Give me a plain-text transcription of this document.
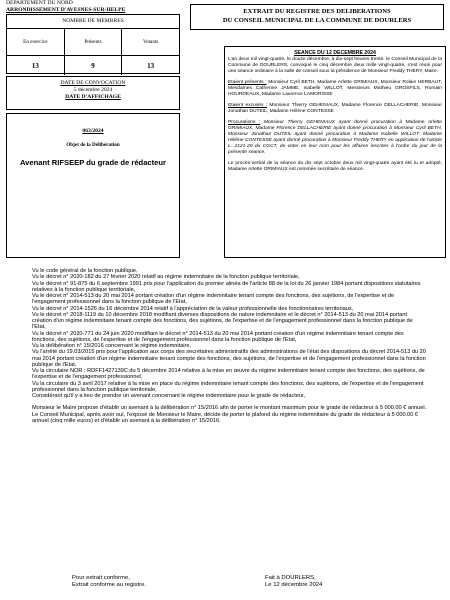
DEPARTEMENT DU NORD
ARRONDISSEMENT D'AVESNES-SUR-HELPE
NOMBRE DE MEMBRES
En exercice
13
Présents
9
Votants
13
DATE DE CONVOCATION
5 décembre 2024
DATE D'AFFICHAGE
063/2024
Objet de la Délibération
Avenant RIFSEEP du grade de rédacteur
EXTRAIT DU REGISTRE DES DELIBERATIONS
DU CONSEIL MUNICIPAL DE LA COMMUNE DE DOURLERS
SEANCE DU 12 DECEMBRE 2024

L'an deux mil vingt-quatre, le douze décembre, à dix-sept heures trente, le Conseil Municipal de la Commune de DOURLERS, convoqué le cinq décembre deux mille vingt-quatre, s'est réuni pour une séance ordinaire à la salle de conseil sous la présidence de Monsieur Freddy THERY, Maire.

Etaient présents : Monsieur Cyril BETH, Madame Arlette GRIMIAUX, Monsieur Rolain HERBAUT, Mesdames Catherine JAMME, Isabelle WILLOT, Messieurs Mathieu GROSFILS, Romain HOURDEAUX, Madame Laurence LAMORISSE

Etaient excusés : Monsieur Thierry GEHENIAUX, Madame Florence DELLACHERIE, Monsieur Jonathan DUTEIL, Madame Hélène CONTESSE

Procurations : Monsieur Thierry GEHENIAUX ayant donné procuration à Madame Arlette GRIMIAUX, Madame Florence DELLACHERIE ayant donné procuration à Monsieur Cyril BETH, Monsieur Jonathan DUTEIL ayant donné procuration à Madame Isabelle WILLOT, Madame Hélène CONTESSE ayant donné procuration à Monsieur Freddy THERY en application de l'article L. 2121-20 du CGCT, de voter en leur nom pour les affaires inscrites à l'ordre du jour de la présente séance.

Le procès-verbal de la séance du dix sept octobre deux mil vingt-quatre ayant été lu et adopté, Madame Arlette GRIMIAUX est nommée secrétaire de séance.

Vu le code général de la fonction publique,

Vu le décret n° 2020-182 du 27 février 2020 relatif au régime indemnitaire de la fonction publique territoriale,

Vu le décret n° 91-875 du 6 septembre 1991 pris pour l'application du premier alinéa de l'article 88 de la loi du 26 janvier 1984 portant dispositions statutaires relatives à la fonction publique territoriale,

Vu le décret n° 2014-513 du 20 mai 2014 portant création d'un régime indemnitaire tenant compte des fonctions, des sujétions, de l'expertise et de l'engagement professionnel dans la fonction publique de l'Etat,

Vu le décret n° 2014-1526 du 16 décembre 2014 relatif à l'appréciation de la valeur professionnelle des fonctionnaires territoriaux,

Vu le décret n° 2018-1119 du 10 décembre 2018 modifiant diverses dispositions de nature indemnitaire et le décret n° 2014-513 du 20 mai 2014 portant création d'un régime indemnitaire tenant compte des fonctions, des sujétions, de l'expertise et de l'engagement professionnel dans la fonction publique de l'Etat,

Vu le décret n° 2020-771 du 24 juin 2020 modifiant le décret n° 2014-513 du 20 mai 2014 portant création d'un régime indemnitaire tenant compte des fonctions, des sujétions, de l'expertise et de l'engagement professionnel dans la fonction publique de l'Etat,

Vu la délibération n° 15/2016 concernant le régime indemnitaire,

Vu l'arrêté du 19.03/2015 pris pour l'application aux corps des secrétaires administratifs des administrations de l'état des dispositions du décret 2014-513 du 20 mai 2014 portant création d'un régime indemnitaire tenant compte des fonctions, des sujétions, de l'expertise et de l'engagement professionnel dans la fonction publique de l'Etat,

Vu la circulaire NOR : RDFF1427139C du 5 décembre 2014 relative à la mise en œuvre du régime indemnitaire tenant compte des fonctions, des sujétions, de l'expertise et de l'engagement professionnel,

Vu la circulaire du 3 avril 2017 relative à la mise en place du régime indemnitaire tenant compte des fonctions, des sujétions, de l'expertise et de l'engagement professionnel dans la fonction publique territoriale,

Considérant qu'il y a lieu de prendre un avenant concernant le régime indemnitaire pour le grade de rédacteur,

Monsieur le Maire propose d'établir un avenant à la délibération n° 15/2016 afin de porter le montant maximum pour le grade de rédacteur à 5 000.00 € annuel.

Le Conseil Municipal, après avoir ouï, l'exposé de Monsieur le Maire, décide de porter le plafond du régime indemnitaire du grade de rédacteur à 5 000.00 € annuel (cinq mille euros) et d'établir un avenant à la délibération n° 15/2016.

Pour extrait conforme,
Extrait conforme au registre.
Fait à DOURLERS,
Le 12 décembre 2024
